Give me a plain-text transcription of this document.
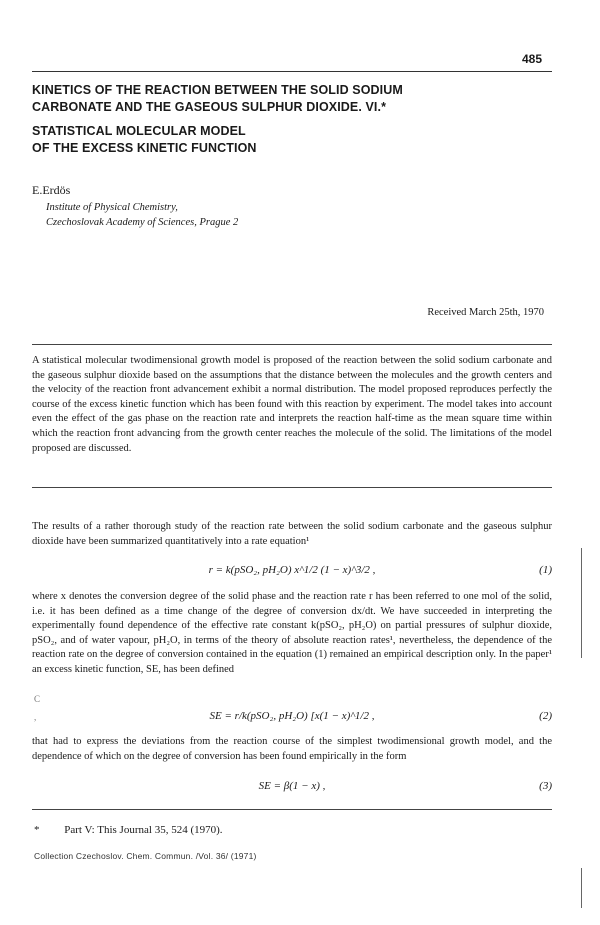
485
KINETICS OF THE REACTION BETWEEN THE SOLID SODIUM
CARBONATE AND THE GASEOUS SULPHUR DIOXIDE. VI.*
STATISTICAL MOLECULAR MODEL
OF THE EXCESS KINETIC FUNCTION
E.Erdös
Institute of Physical Chemistry,
Czechoslovak Academy of Sciences, Prague 2
Received March 25th, 1970

A statistical molecular twodimensional growth model is proposed of the reaction between the solid sodium carbonate and the gaseous sulphur dioxide based on the assumptions that the distance between the molecules and the growth centers and the velocity of the reaction front advancement exhibit a normal distribution. The model proposed reproduces perfectly the course of the excess kinetic function which has been found with this reaction by experiment. The model takes into account even the effect of the gas phase on the reaction rate and interprets the reaction half-time as the mean square time within which the reaction front advancing from the growth center reaches the molecule of the solid. The limitations of the model proposed are discussed.

The results of a rather thorough study of the reaction rate between the solid sodium carbonate and the gaseous sulphur dioxide have been summarized quantitatively into a rate equation¹

r = k(pSO₂, pH₂O) x^1/2 (1 − x)^3/2 ,	(1)

where x denotes the conversion degree of the solid phase and the reaction rate r has been referred to one mol of the solid, i.e. it has been defined as a time change of the degree of conversion dx/dt. We have succeeded in interpreting the experimentally found dependence of the effective rate constant k(pSO₂, pH₂O) on partial pressures of sulphur dioxide, pSO₂, and of water vapour, pH₂O, in terms of the theory of absolute reaction rates¹, nevertheless, the dependence of the reaction rate on the degree of conversion contained in the equation (1) remained an empirical description only. In the paper¹ an excess kinetic function, SE, has been defined

C
SE = r/k(pSO₂, pH₂O) [x(1 − x)^1/2 ,	(2)
,

that had to express the deviations from the reaction course of the simplest twodimensional growth model, and the dependence of which on the degree of conversion has been found empirically in the form

SE = β(1 − x) ,	(3)
* Part V: This Journal 35, 524 (1970).
Collection Czechoslov. Chem. Commun. /Vol. 36/ (1971)
